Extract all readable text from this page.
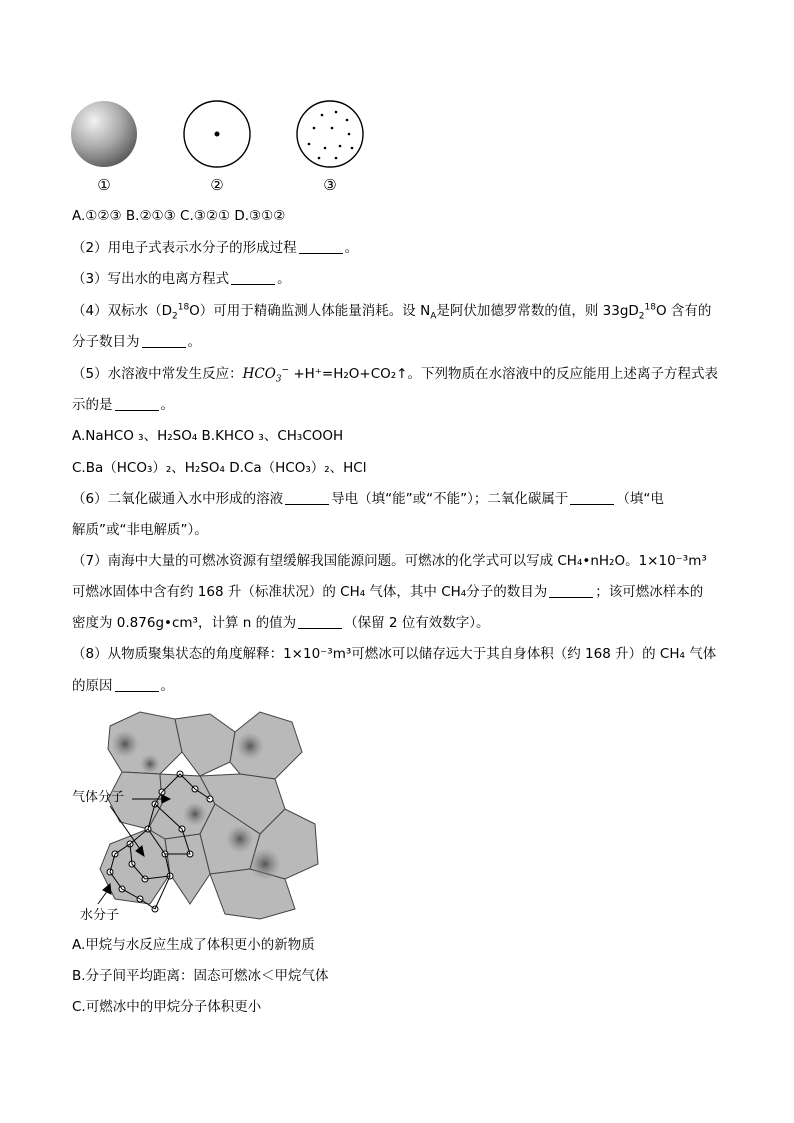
①	②	③
A.①②③ B.②①③ C.③②① D.③①②
（2）用电子式表示水分子的形成过程	。
（3）写出水的电离方程式	。
（4）双标水$(D_2^{18}O)$可用于精确监测人体能量消耗。设 $N_A$是阿伏加德罗常数的值，则 $33gD_2^{18}O$ 含有的
分子数目为	。
（5）水溶液中常发生反应：$HCO_3^-$ +H⁺=H₂O+CO₂↑。下列物质在水溶液中的反应能用上述离子方程式表
示的是	。
A.NaHCO ₃、H₂SO₄ B.KHCO ₃、CH₃COOH
C.Ba（HCO₃）₂、H₂SO₄ D.Ca（HCO₃）₂、HCl
（6）二氧化碳通入水中形成的溶液	导电（填“能”或“不能”）；二氧化碳属于	（填“电
解质”或“非电解质”）。
（7）南海中大量的可燃冰资源有望缓解我国能源问题。可燃冰的化学式可以写成 CH₄•nH₂O。1×10⁻³m³
可燃冰固体中含有约 168 升（标准状况）的 CH₄ 气体，其中 CH₄分子的数目为	；该可燃冰样本的
密度为 0.876g•cm³，计算 n 的值为	（保留 2 位有效数字）。
（8）从物质聚集状态的角度解释：1×10⁻³m³可燃冰可以储存远大于其自身体积（约 168 升）的 CH₄ 气体
的原因	。
气体分子
水分子
A.甲烷与水反应生成了体积更小的新物质
B.分子间平均距离：固态可燃冰＜甲烷气体
C.可燃冰中的甲烷分子体积更小
